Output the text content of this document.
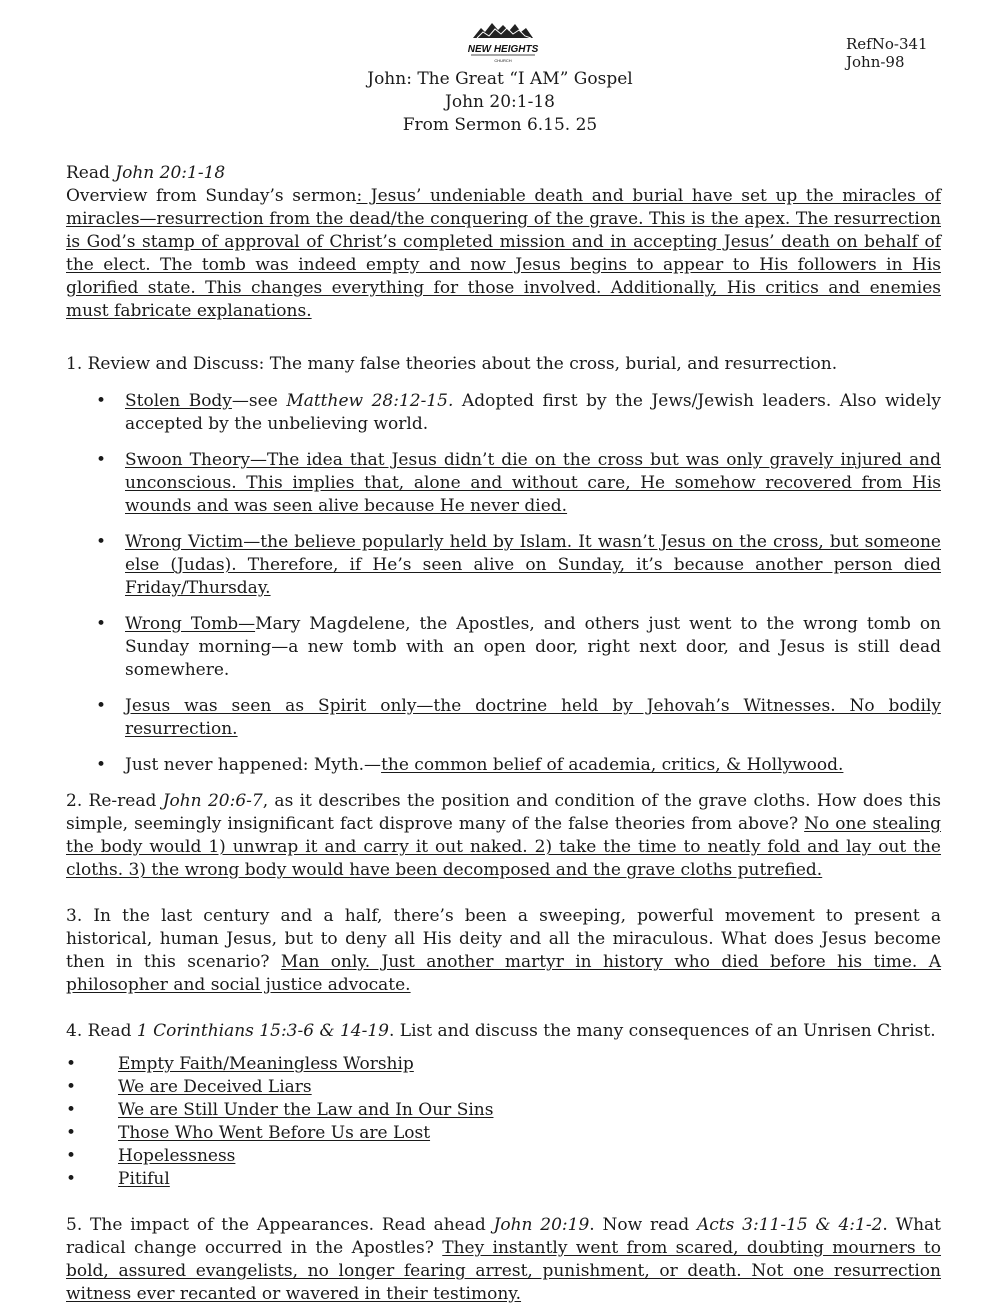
NEW HEIGHTS
CHURCH
RefNo-341
John-98
John: The Great “I AM” Gospel
John 20:1-18
From Sermon 6.15. 25

Read John 20:1-18

Overview from Sunday’s sermon: Jesus’ undeniable death and burial have set up the miracles of miracles—resurrection from the dead/the conquering of the grave. This is the apex. The resurrection is God’s stamp of approval of Christ’s completed mission and in accepting Jesus’ death on behalf of the elect. The tomb was indeed empty and now Jesus begins to appear to His followers in His glorified state. This changes everything for those involved. Additionally, His critics and enemies must fabricate explanations.

1. Review and Discuss: The many false theories about the cross, burial, and resurrection.

• Stolen Body—see Matthew 28:12-15. Adopted first by the Jews/Jewish leaders. Also widely accepted by the unbelieving world.
• Swoon Theory—The idea that Jesus didn’t die on the cross but was only gravely injured and unconscious. This implies that, alone and without care, He somehow recovered from His wounds and was seen alive because He never died.
• Wrong Victim—the believe popularly held by Islam. It wasn’t Jesus on the cross, but someone else (Judas). Therefore, if He’s seen alive on Sunday, it’s because another person died Friday/Thursday.
• Wrong Tomb—Mary Magdelene, the Apostles, and others just went to the wrong tomb on Sunday morning—a new tomb with an open door, right next door, and Jesus is still dead somewhere.
• Jesus was seen as Spirit only—the doctrine held by Jehovah’s Witnesses. No bodily resurrection.
• Just never happened: Myth.—the common belief of academia, critics, & Hollywood.

2. Re-read John 20:6-7, as it describes the position and condition of the grave cloths. How does this simple, seemingly insignificant fact disprove many of the false theories from above? No one stealing the body would 1) unwrap it and carry it out naked. 2) take the time to neatly fold and lay out the cloths. 3) the wrong body would have been decomposed and the grave cloths putrefied.

3. In the last century and a half, there’s been a sweeping, powerful movement to present a historical, human Jesus, but to deny all His deity and all the miraculous. What does Jesus become then in this scenario? Man only. Just another martyr in history who died before his time. A philosopher and social justice advocate.

4. Read 1 Corinthians 15:3-6 & 14-19. List and discuss the many consequences of an Unrisen Christ.

• Empty Faith/Meaningless Worship
• We are Deceived Liars
• We are Still Under the Law and In Our Sins
• Those Who Went Before Us are Lost
• Hopelessness
• Pitiful

5. The impact of the Appearances. Read ahead John 20:19. Now read Acts 3:11-15 & 4:1-2. What radical change occurred in the Apostles? They instantly went from scared, doubting mourners to bold, assured evangelists, no longer fearing arrest, punishment, or death. Not one resurrection witness ever recanted or wavered in their testimony.
